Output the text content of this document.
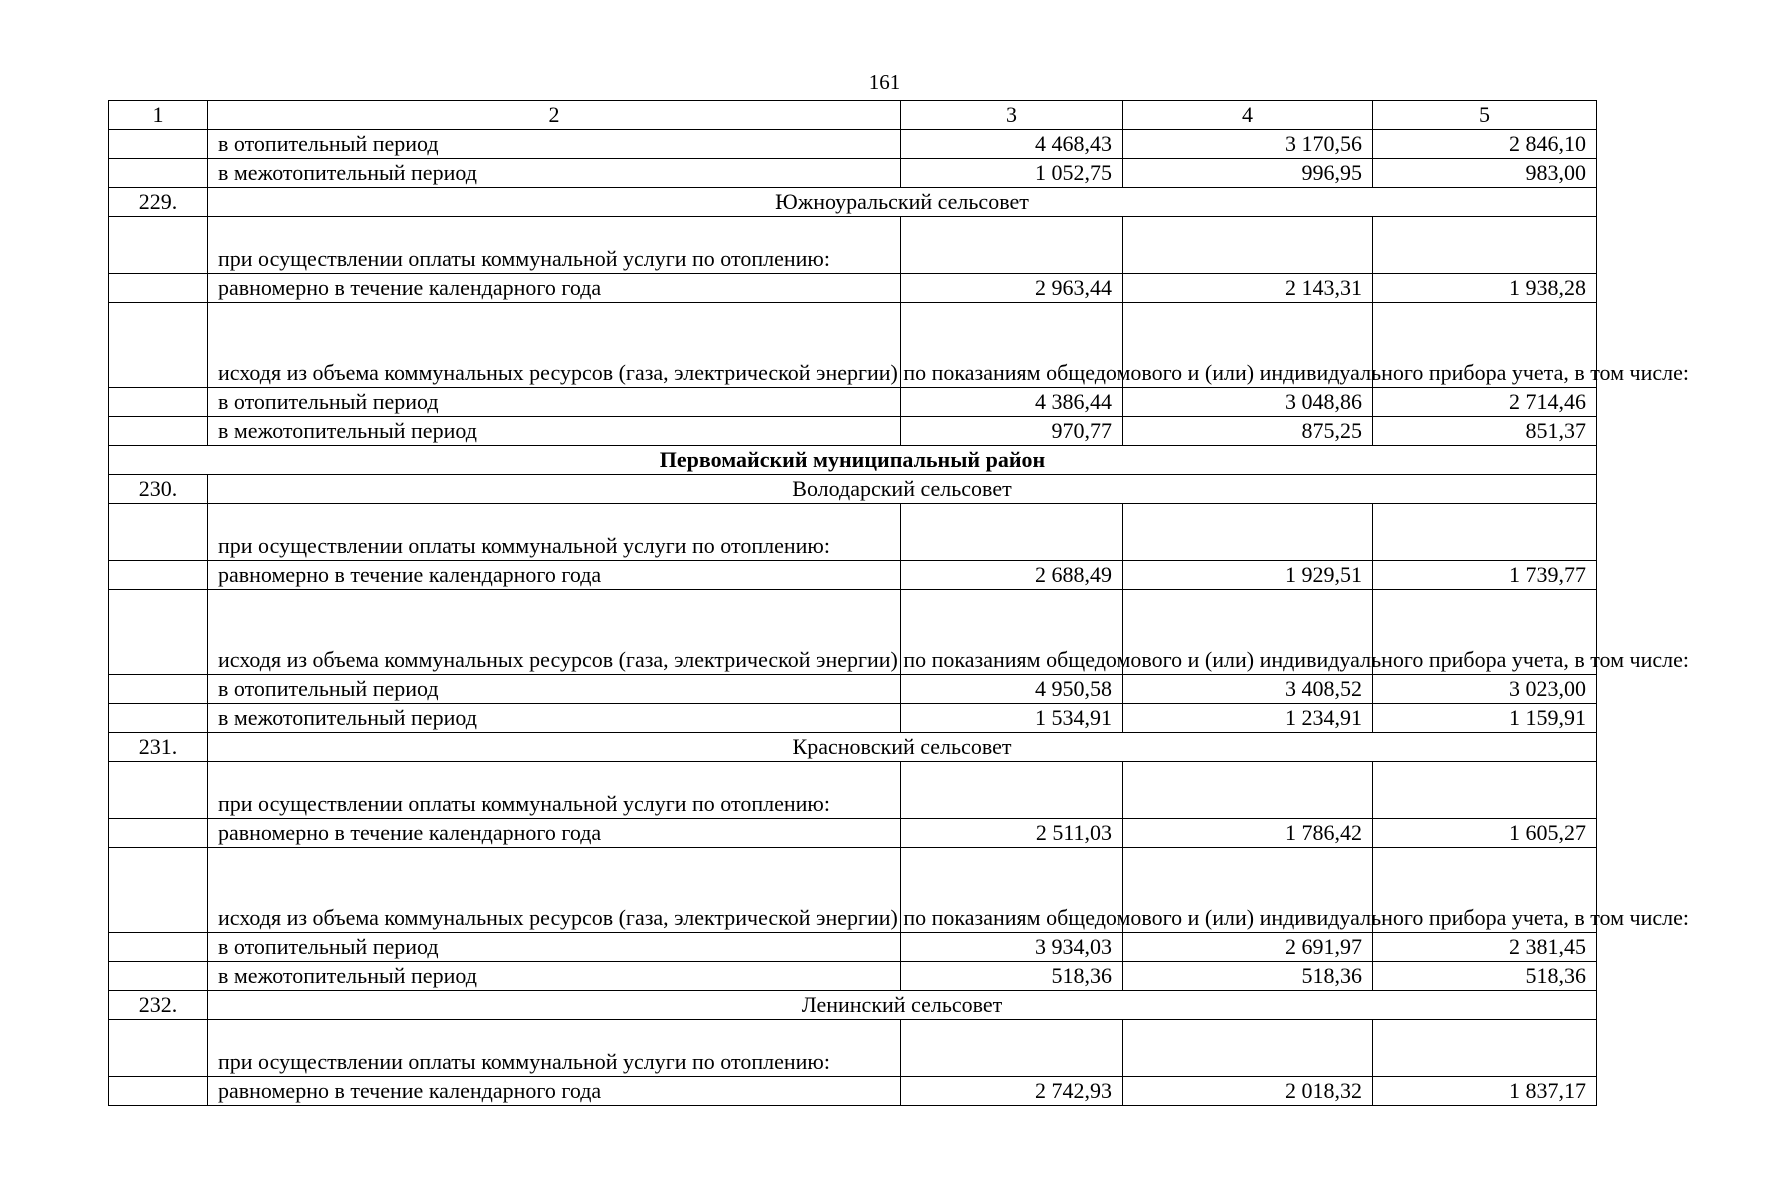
161
1	2	3	4	5
	в отопительный период	4 468,43	3 170,56	2 846,10
	в межотопительный период	1 052,75	996,95	983,00
229.	Южноуральский сельсовет			
	при осуществлении оплаты коммунальной услуги по отоплению:			
	равномерно в течение календарного года	2 963,44	2 143,31	1 938,28
	исходя из объема коммунальных ресурсов (газа, электрической энергии) по показаниям общедомового и (или) индивидуального прибора учета, в том числе:			
	в отопительный период	4 386,44	3 048,86	2 714,46
	в межотопительный период	970,77	875,25	851,37
Первомайский муниципальный район				
230.	Володарский сельсовет			
	при осуществлении оплаты коммунальной услуги по отоплению:			
	равномерно в течение календарного года	2 688,49	1 929,51	1 739,77
	исходя из объема коммунальных ресурсов (газа, электрической энергии) по показаниям общедомового и (или) индивидуального прибора учета, в том числе:			
	в отопительный период	4 950,58	3 408,52	3 023,00
	в межотопительный период	1 534,91	1 234,91	1 159,91
231.	Красновский сельсовет			
	при осуществлении оплаты коммунальной услуги по отоплению:			
	равномерно в течение календарного года	2 511,03	1 786,42	1 605,27
	исходя из объема коммунальных ресурсов (газа, электрической энергии) по показаниям общедомового и (или) индивидуального прибора учета, в том числе:			
	в отопительный период	3 934,03	2 691,97	2 381,45
	в межотопительный период	518,36	518,36	518,36
232.	Ленинский сельсовет			
	при осуществлении оплаты коммунальной услуги по отоплению:			
	равномерно в течение календарного года	2 742,93	2 018,32	1 837,17
